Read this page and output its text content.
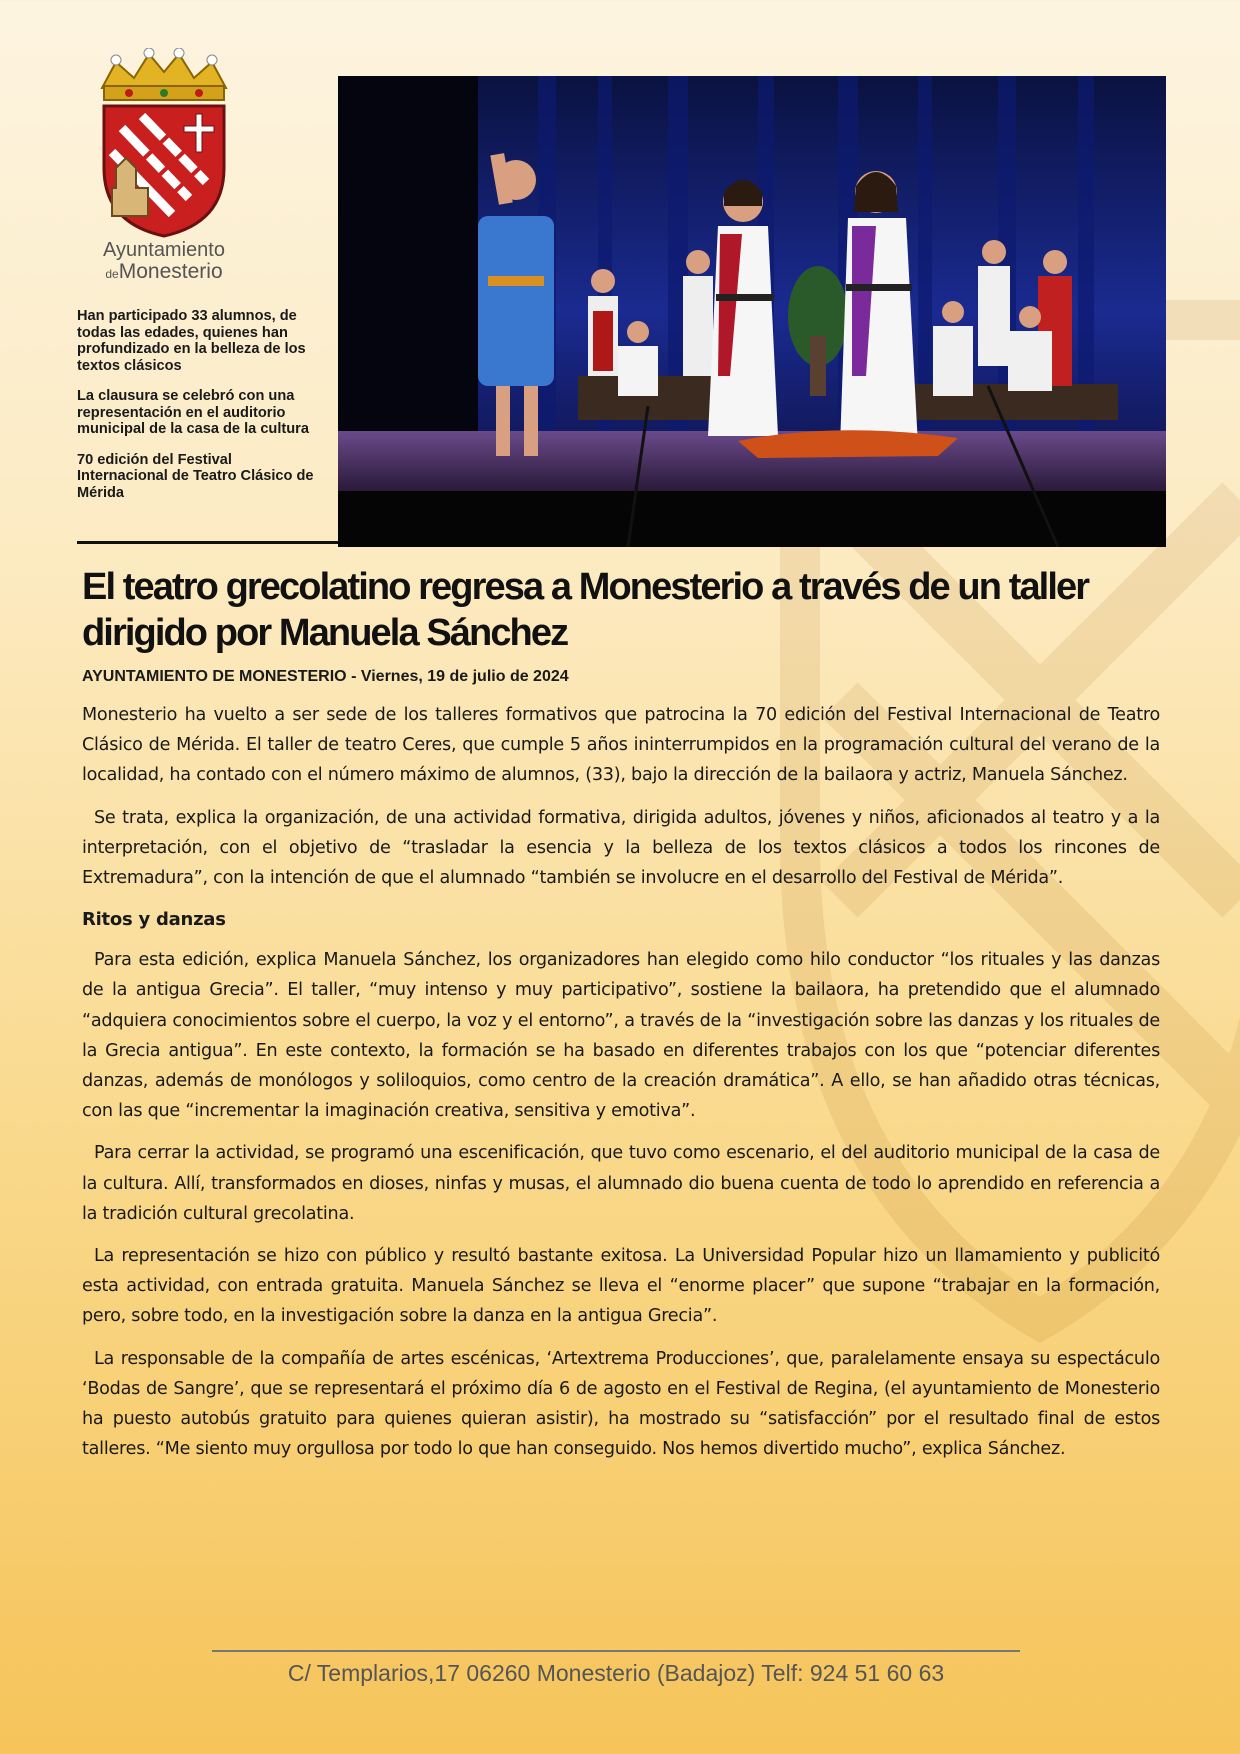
Ayuntamiento
deMonesterio

Han participado 33 alumnos, de todas las edades, quienes han profundizado en la belleza de los textos clásicos

La clausura se celebró con una representación en el auditorio municipal de la casa de la cultura

70 edición del Festival Internacional de Teatro Clásico de Mérida

El teatro grecolatino regresa a Monesterio a través de un taller dirigido por Manuela Sánchez

AYUNTAMIENTO DE MONESTERIO - Viernes, 19 de julio de 2024

Monesterio ha vuelto a ser sede de los talleres formativos que patrocina la 70 edición del Festival Internacional de Teatro Clásico de Mérida. El taller de teatro Ceres, que cumple 5 años ininterrumpidos en la programación cultural del verano de la localidad, ha contado con el número máximo de alumnos, (33), bajo la dirección de la bailaora y actriz, Manuela Sánchez.

Se trata, explica la organización, de una actividad formativa, dirigida adultos, jóvenes y niños, aficionados al teatro y a la interpretación, con el objetivo de “trasladar la esencia y la belleza de los textos clásicos a todos los rincones de Extremadura”, con la intención de que el alumnado “también se involucre en el desarrollo del Festival de Mérida”.

Ritos y danzas

Para esta edición, explica Manuela Sánchez, los organizadores han elegido como hilo conductor “los rituales y las danzas de la antigua Grecia”. El taller, “muy intenso y muy participativo”, sostiene la bailaora, ha pretendido que el alumnado “adquiera conocimientos sobre el cuerpo, la voz y el entorno”, a través de la “investigación sobre las danzas y los rituales de la Grecia antigua”. En este contexto, la formación se ha basado en diferentes trabajos con los que “potenciar diferentes danzas, además de monólogos y soliloquios, como centro de la creación dramática”. A ello, se han añadido otras técnicas, con las que “incrementar la imaginación creativa, sensitiva y emotiva”.

Para cerrar la actividad, se programó una escenificación, que tuvo como escenario, el del auditorio municipal de la casa de la cultura. Allí, transformados en dioses, ninfas y musas, el alumnado dio buena cuenta de todo lo aprendido en referencia a la tradición cultural grecolatina.

La representación se hizo con público y resultó bastante exitosa. La Universidad Popular hizo un llamamiento y publicitó esta actividad, con entrada gratuita. Manuela Sánchez se lleva el “enorme placer” que supone “trabajar en la formación, pero, sobre todo, en la investigación sobre la danza en la antigua Grecia”.

La responsable de la compañía de artes escénicas, ‘Artextrema Producciones’, que, paralelamente ensaya su espectáculo ‘Bodas de Sangre’, que se representará el próximo día 6 de agosto en el Festival de Regina, (el ayuntamiento de Monesterio ha puesto autobús gratuito para quienes quieran asistir), ha mostrado su “satisfacción” por el resultado final de estos talleres. “Me siento muy orgullosa por todo lo que han conseguido. Nos hemos divertido mucho”, explica Sánchez.

C/ Templarios,17 06260 Monesterio (Badajoz) Telf: 924 51 60 63
